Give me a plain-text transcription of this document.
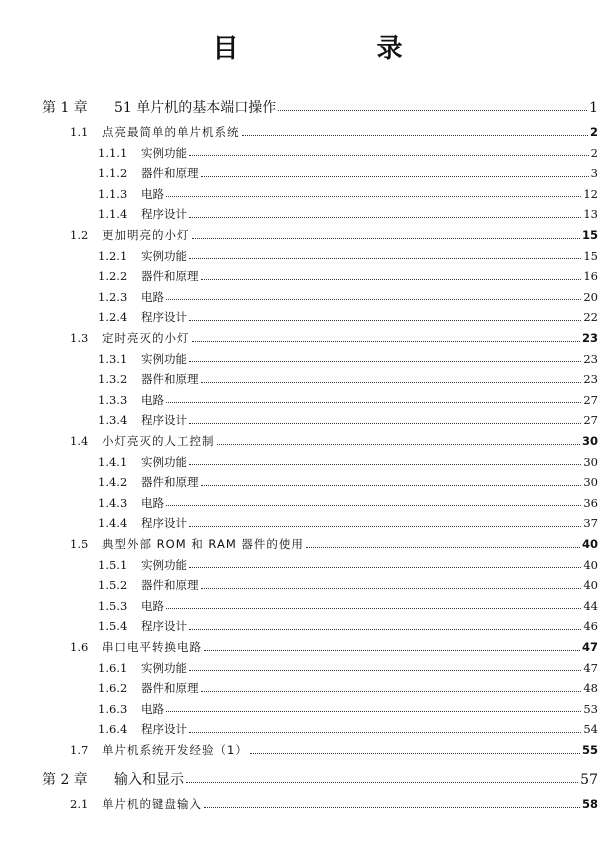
目　录
第 1 章	51 单片机的基本端口操作	1
1.1	点亮最简单的单片机系统	2
1.1.1	实例功能	2
1.1.2	器件和原理	3
1.1.3	电路	12
1.1.4	程序设计	13
1.2	更加明亮的小灯	15
1.2.1	实例功能	15
1.2.2	器件和原理	16
1.2.3	电路	20
1.2.4	程序设计	22
1.3	定时亮灭的小灯	23
1.3.1	实例功能	23
1.3.2	器件和原理	23
1.3.3	电路	27
1.3.4	程序设计	27
1.4	小灯亮灭的人工控制	30
1.4.1	实例功能	30
1.4.2	器件和原理	30
1.4.3	电路	36
1.4.4	程序设计	37
1.5	典型外部 ROM 和 RAM 器件的使用	40
1.5.1	实例功能	40
1.5.2	器件和原理	40
1.5.3	电路	44
1.5.4	程序设计	46
1.6	串口电平转换电路	47
1.6.1	实例功能	47
1.6.2	器件和原理	48
1.6.3	电路	53
1.6.4	程序设计	54
1.7	单片机系统开发经验（1）	55
第 2 章	输入和显示	57
2.1	单片机的键盘输入	58
